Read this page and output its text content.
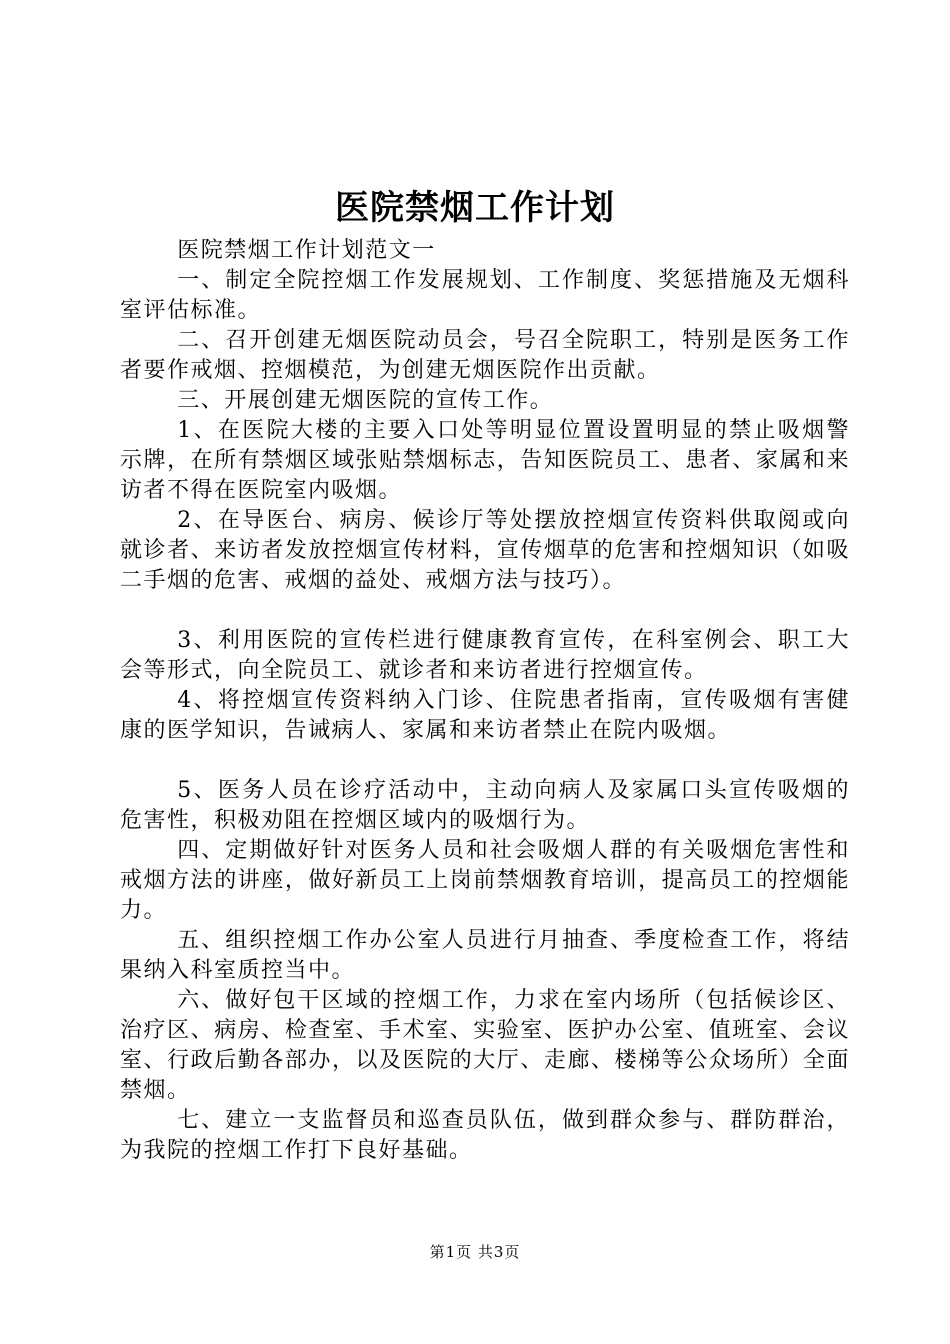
医院禁烟工作计划

医院禁烟工作计划范文一

一、制定全院控烟工作发展规划、工作制度、奖惩措施及无烟科室评估标准。

二、召开创建无烟医院动员会，号召全院职工，特别是医务工作者要作戒烟、控烟模范，为创建无烟医院作出贡献。

三、开展创建无烟医院的宣传工作。

1、在医院大楼的主要入口处等明显位置设置明显的禁止吸烟警示牌，在所有禁烟区域张贴禁烟标志，告知医院员工、患者、家属和来访者不得在医院室内吸烟。

2、在导医台、病房、候诊厅等处摆放控烟宣传资料供取阅或向就诊者、来访者发放控烟宣传材料，宣传烟草的危害和控烟知识（如吸二手烟的危害、戒烟的益处、戒烟方法与技巧）。

3、利用医院的宣传栏进行健康教育宣传，在科室例会、职工大会等形式，向全院员工、就诊者和来访者进行控烟宣传。

4、将控烟宣传资料纳入门诊、住院患者指南，宣传吸烟有害健康的医学知识，告诫病人、家属和来访者禁止在院内吸烟。

5、医务人员在诊疗活动中，主动向病人及家属口头宣传吸烟的危害性，积极劝阻在控烟区域内的吸烟行为。

四、定期做好针对医务人员和社会吸烟人群的有关吸烟危害性和戒烟方法的讲座，做好新员工上岗前禁烟教育培训，提高员工的控烟能力。

五、组织控烟工作办公室人员进行月抽查、季度检查工作，将结果纳入科室质控当中。

六、做好包干区域的控烟工作，力求在室内场所（包括候诊区、治疗区、病房、检查室、手术室、实验室、医护办公室、值班室、会议室、行政后勤各部办，以及医院的大厅、走廊、楼梯等公众场所）全面禁烟。

七、建立一支监督员和巡查员队伍，做到群众参与、群防群治，为我院的控烟工作打下良好基础。

第1页 共3页
